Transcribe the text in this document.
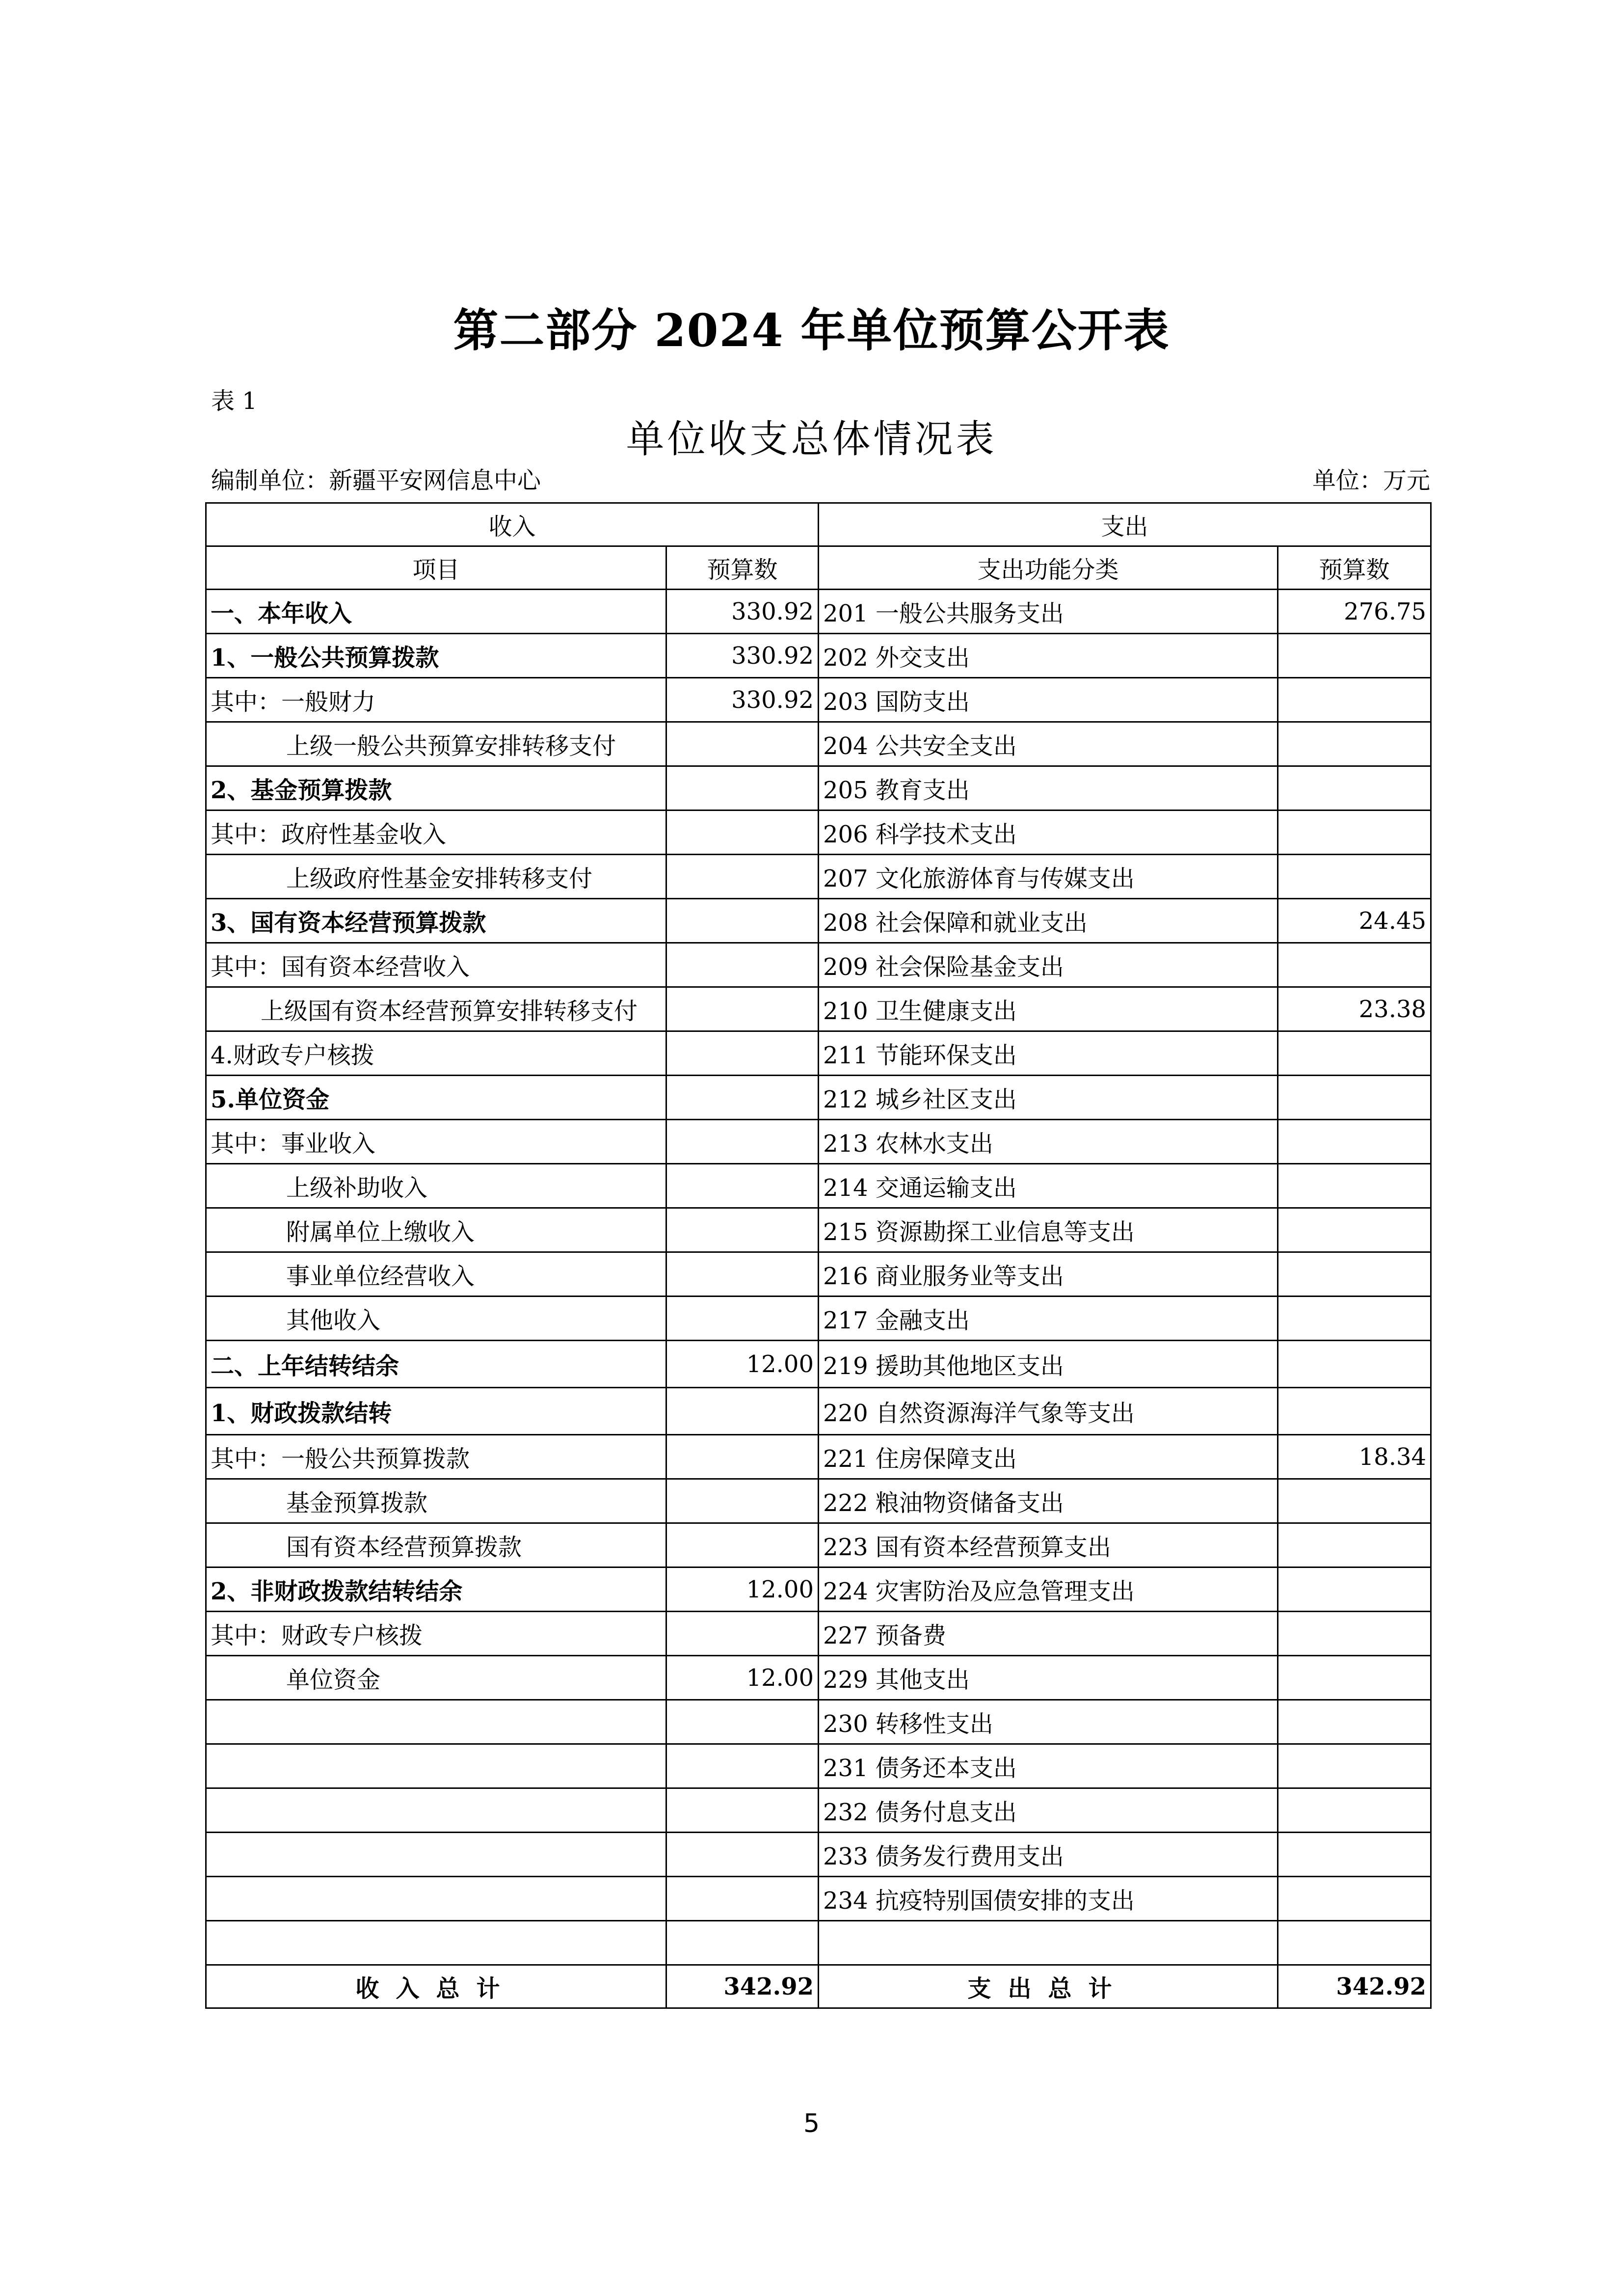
第二部分 2024 年单位预算公开表
表 1
单位收支总体情况表
编制单位：新疆平安网信息中心	单位：万元
收入		支出	
项目	预算数	支出功能分类	预算数
一、本年收入	330.92	201 一般公共服务支出	276.75
1、一般公共预算拨款	330.92	202 外交支出	
其中：一般财力	330.92	203 国防支出	
上级一般公共预算安排转移支付		204 公共安全支出	
2、基金预算拨款		205 教育支出	
其中：政府性基金收入		206 科学技术支出	
上级政府性基金安排转移支付		207 文化旅游体育与传媒支出	
3、国有资本经营预算拨款		208 社会保障和就业支出	24.45
其中：国有资本经营收入		209 社会保险基金支出	
上级国有资本经营预算安排转移支付		210 卫生健康支出	23.38
4.财政专户核拨		211 节能环保支出	
5.单位资金		212 城乡社区支出	
其中：事业收入		213 农林水支出	
上级补助收入		214 交通运输支出	
附属单位上缴收入		215 资源勘探工业信息等支出	
事业单位经营收入		216 商业服务业等支出	
其他收入		217 金融支出	
二、上年结转结余	12.00	219 援助其他地区支出	
1、财政拨款结转		220 自然资源海洋气象等支出	
其中：一般公共预算拨款		221 住房保障支出	18.34
基金预算拨款		222 粮油物资储备支出	
国有资本经营预算拨款		223 国有资本经营预算支出	
2、非财政拨款结转结余	12.00	224 灾害防治及应急管理支出	
其中：财政专户核拨		227 预备费	
单位资金	12.00	229 其他支出	
		230 转移性支出	
		231 债务还本支出	
		232 债务付息支出	
		233 债务发行费用支出	
		234 抗疫特别国债安排的支出	

收入总计	342.92	支出总计	342.92
5
